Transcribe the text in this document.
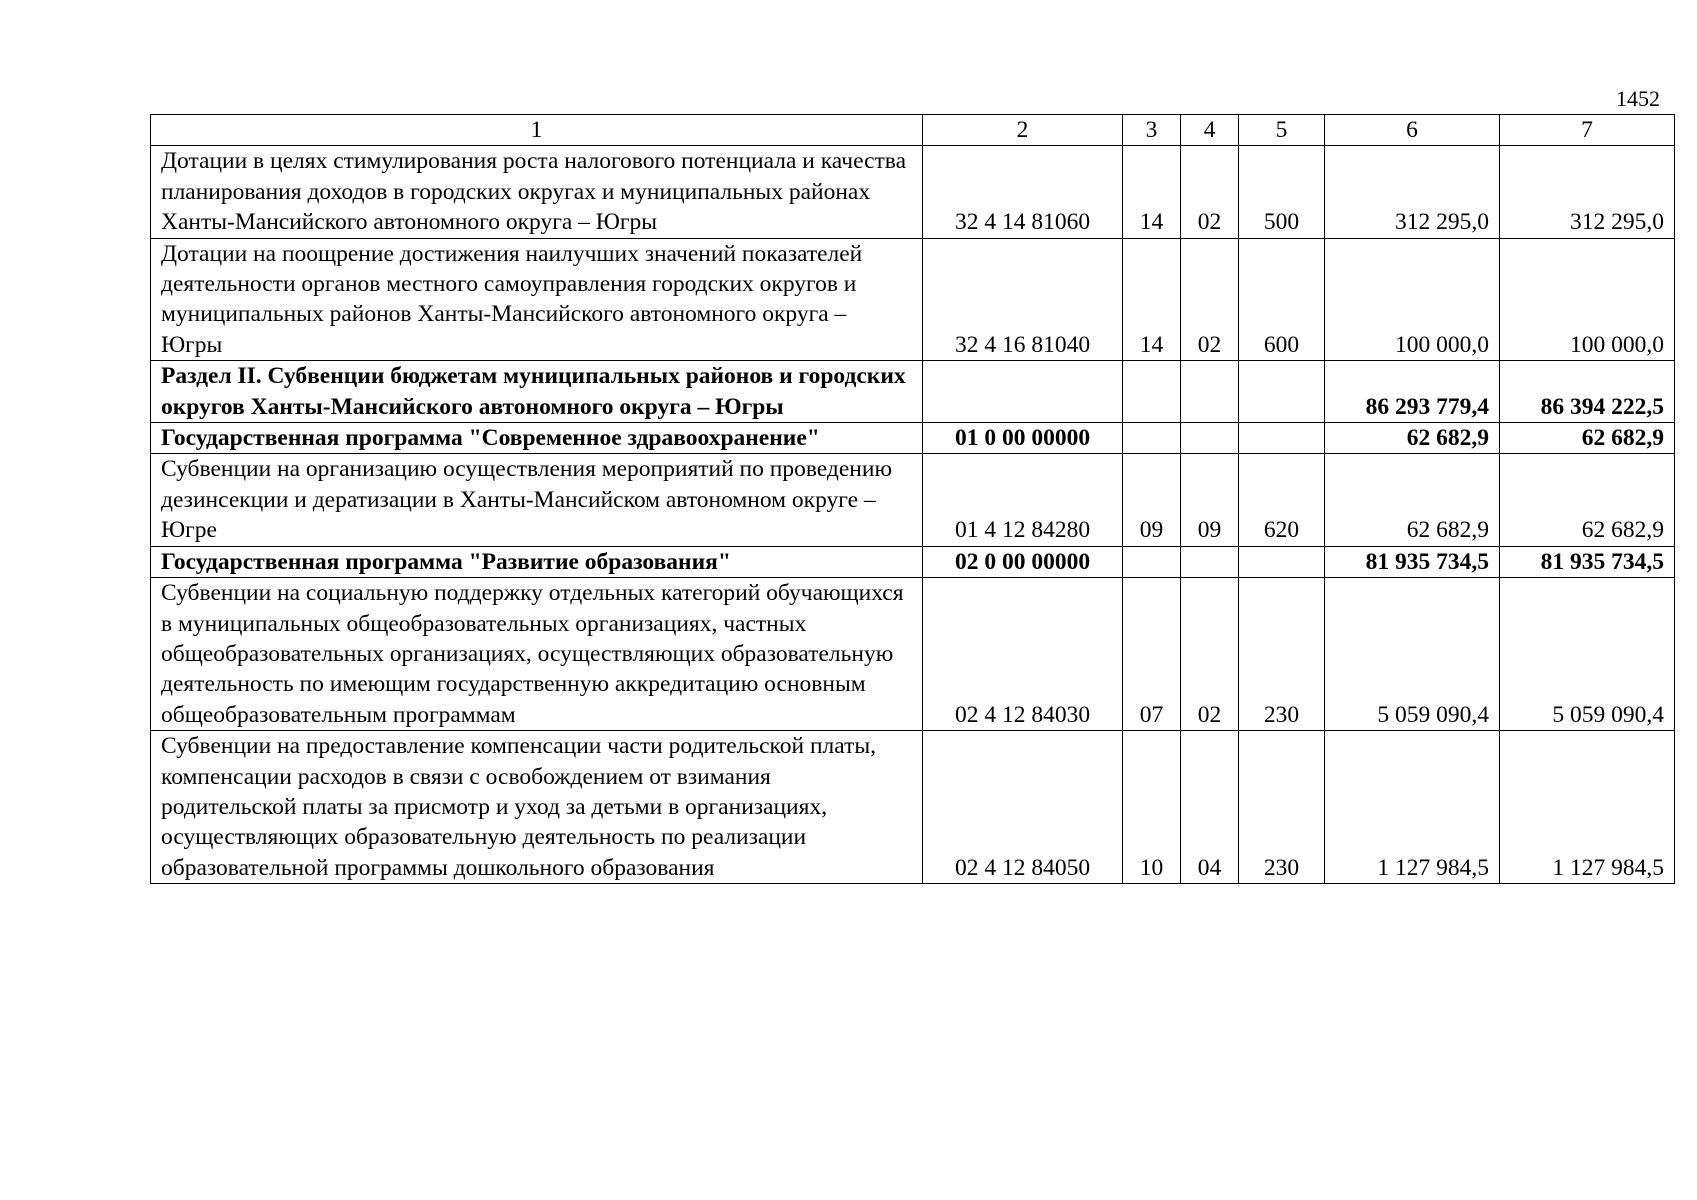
1452
1	2	3	4	5	6	7
Дотации в целях стимулирования роста налогового потенциала и качества планирования доходов в городских округах и муниципальных районах Ханты-Мансийского автономного округа – Югры	32 4 14 81060	14	02	500	312 295,0	312 295,0
Дотации на поощрение достижения наилучших значений показателей деятельности органов местного самоуправления городских округов и муниципальных районов Ханты-Мансийского автономного округа – Югры	32 4 16 81040	14	02	600	100 000,0	100 000,0
Раздел II. Субвенции бюджетам муниципальных районов и городских округов Ханты-Мансийского автономного округа – Югры					86 293 779,4	86 394 222,5
Государственная программа "Современное здравоохранение"	01 0 00 00000				62 682,9	62 682,9
Субвенции на организацию осуществления мероприятий по проведению дезинсекции и дератизации в Ханты-Мансийском автономном округе – Югре	01 4 12 84280	09	09	620	62 682,9	62 682,9
Государственная программа "Развитие образования"	02 0 00 00000				81 935 734,5	81 935 734,5
Субвенции на социальную поддержку отдельных категорий обучающихся в муниципальных общеобразовательных организациях, частных общеобразовательных организациях, осуществляющих образовательную деятельность по имеющим государственную аккредитацию основным общеобразовательным программам	02 4 12 84030	07	02	230	5 059 090,4	5 059 090,4
Субвенции на предоставление компенсации части родительской платы, компенсации расходов в связи с освобождением от взимания родительской платы за присмотр и уход за детьми в организациях, осуществляющих образовательную деятельность по реализации образовательной программы дошкольного образования	02 4 12 84050	10	04	230	1 127 984,5	1 127 984,5
